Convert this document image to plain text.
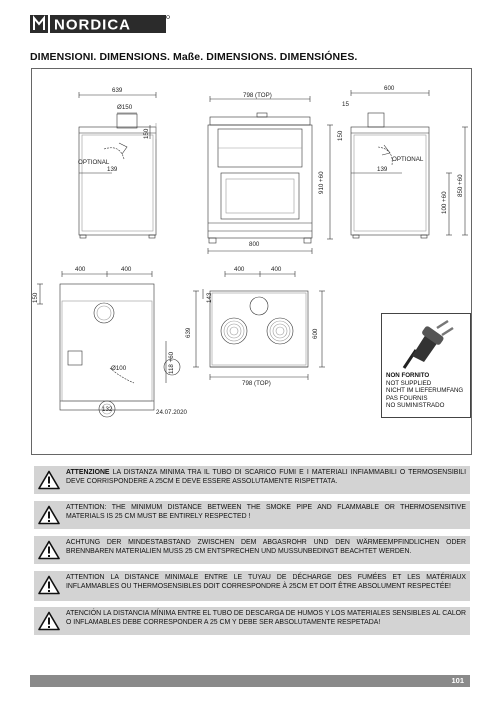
NORDICA
DIMENSIONI. DIMENSIONS. Maße. DIMENSIONS. DIMENSIÓNES.
639
Ø150
150
OPTIONAL
139
798 (TOP)
910 +60
800
600
15
150
OPTIONAL
139
100 +60
850 +60
400	400
150
Ø100	118 +60
132	24.07.2020
400	400
143
639	600
798 (TOP)
NON FORNITO
NOT SUPPLIED
NICHT IM LIEFERUMFANG
PAS FOURNIS
NO SUMINISTRADO
ATTENZIONE LA DISTANZA MINIMA TRA IL TUBO DI SCARICO FUMI E I MATERIALI INFIAMMABILI O TERMOSENSIBILI DEVE CORRISPONDERE A 25CM E DEVE ESSERE ASSOLUTAMENTE RISPETTATA.
ATTENTION: THE MINIMUM DISTANCE BETWEEN THE SMOKE PIPE AND FLAMMABLE OR THERMOSENSITIVE MATERIALS IS 25 CM MUST BE ENTIRELY RESPECTED !
ACHTUNG DER MINDESTABSTAND ZWISCHEN DEM ABGASROHR UND DEN WÄRMEEMPFINDLICHEN ODER BRENNBAREN MATERIALIEN MUSS 25 CM ENTSPRECHEN UND MUSSUNBEDINGT BEACHTET WERDEN.
ATTENTION LA DISTANCE MINIMALE ENTRE LE TUYAU DE DÉCHARGE DES FUMÉES ET LES MATÉRIAUX INFLAMMABLES OU THERMOSENSIBLES DOIT CORRESPONDRE À 25CM ET DOIT ÊTRE ABSOLUMENT RESPECTÉE!
ATENCIÓN LA DISTANCIA MÍNIMA ENTRE EL TUBO DE DESCARGA DE HUMOS Y LOS MATERIALES SENSIBLES AL CALOR O INFLAMABLES DEBE CORRESPONDER A 25 CM Y DEBE SER ABSOLUTAMENTE RESPETADA!
101
